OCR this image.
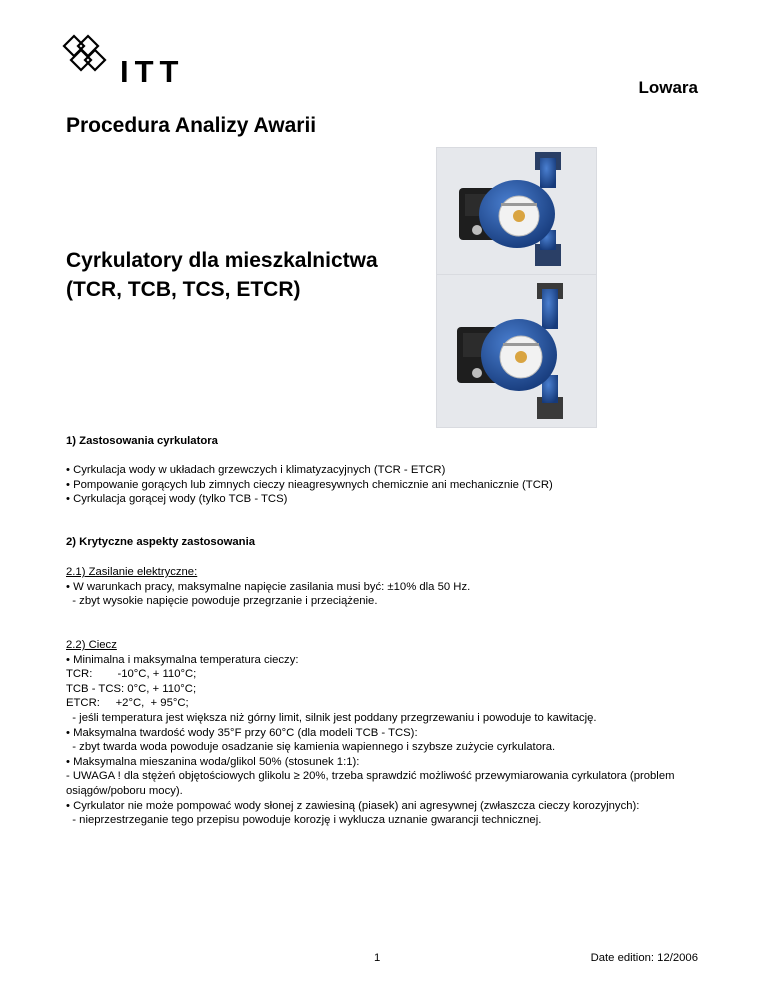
ITT	Lowara
Procedura Analizy Awarii
Cyrkulatory dla mieszkalnictwa
(TCR, TCB, TCS, ETCR)
1) Zastosowania cyrkulatora
• Cyrkulacja wody w układach grzewczych i klimatyzacyjnych (TCR - ETCR)
• Pompowanie gorących lub zimnych cieczy nieagresywnych chemicznie ani mechanicznie (TCR)
• Cyrkulacja gorącej wody (tylko TCB - TCS)
2) Krytyczne aspekty zastosowania
2.1) Zasilanie elektryczne:
• W warunkach pracy, maksymalne napięcie zasilania musi być: ±10% dla 50 Hz.
- zbyt wysokie napięcie powoduje przegrzanie i przeciążenie.
2.2) Ciecz
• Minimalna i maksymalna temperatura cieczy:
TCR:        -10°C, + 110°C;
TCB - TCS: 0°C, + 110°C;
ETCR:     +2°C,  + 95°C;
- jeśli temperatura jest większa niż górny limit, silnik jest poddany przegrzewaniu i powoduje to kawitację.
• Maksymalna twardość wody 35°F przy 60°C (dla modeli TCB - TCS):
- zbyt twarda woda powoduje osadzanie się kamienia wapiennego i szybsze zużycie cyrkulatora.
• Maksymalna mieszanina woda/glikol 50% (stosunek 1:1):
- UWAGA ! dla stężeń objętościowych glikolu ≥ 20%, trzeba sprawdzić możliwość przewymiarowania cyrkulatora (problem osiągów/poboru mocy).
• Cyrkulator nie może pompować wody słonej z zawiesiną (piasek) ani agresywnej (zwłaszcza cieczy korozyjnych):
- nieprzestrzeganie tego przepisu powoduje korozję i wyklucza uznanie gwarancji technicznej.
1	Date edition: 12/2006
